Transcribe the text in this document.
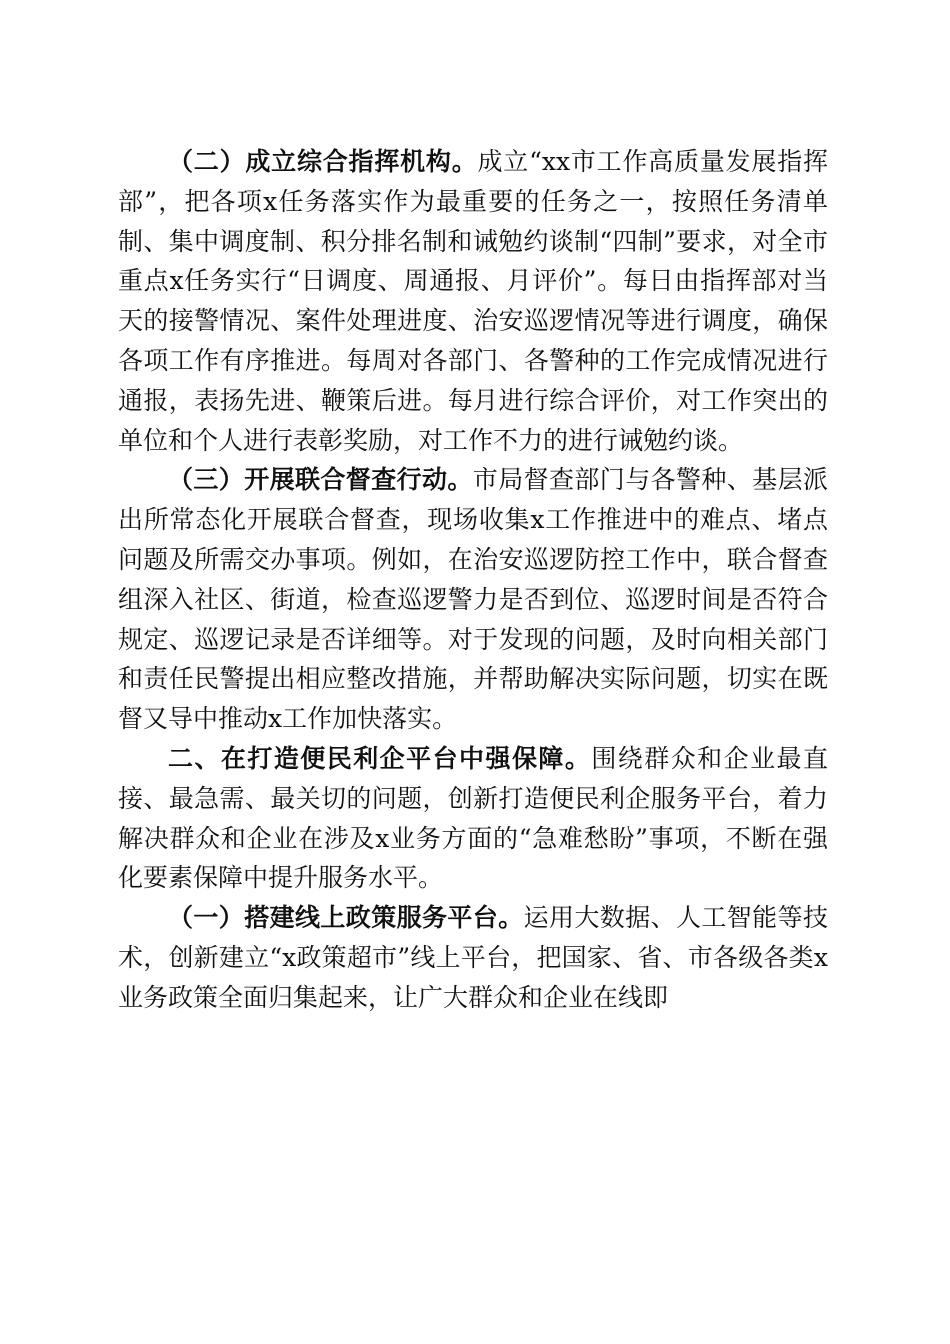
（二）成立综合指挥机构。成立“xx市工作高质量发展指挥部”，把各项x任务落实作为最重要的任务之一，按照任务清单制、集中调度制、积分排名制和诫勉约谈制“四制”要求，对全市重点x任务实行“日调度、周通报、月评价”。每日由指挥部对当天的接警情况、案件处理进度、治安巡逻情况等进行调度，确保各项工作有序推进。每周对各部门、各警种的工作完成情况进行通报，表扬先进、鞭策后进。每月进行综合评价，对工作突出的单位和个人进行表彰奖励，对工作不力的进行诫勉约谈。

（三）开展联合督查行动。市局督查部门与各警种、基层派出所常态化开展联合督查，现场收集x工作推进中的难点、堵点问题及所需交办事项。例如，在治安巡逻防控工作中，联合督查组深入社区、街道，检查巡逻警力是否到位、巡逻时间是否符合规定、巡逻记录是否详细等。对于发现的问题，及时向相关部门和责任民警提出相应整改措施，并帮助解决实际问题，切实在既督又导中推动x工作加快落实。

二、在打造便民利企平台中强保障。围绕群众和企业最直接、最急需、最关切的问题，创新打造便民利企服务平台，着力解决群众和企业在涉及x业务方面的“急难愁盼”事项，不断在强化要素保障中提升服务水平。

（一）搭建线上政策服务平台。运用大数据、人工智能等技术，创新建立“x政策超市”线上平台，把国家、省、市各级各类x业务政策全面归集起来，让广大群众和企业在线即
